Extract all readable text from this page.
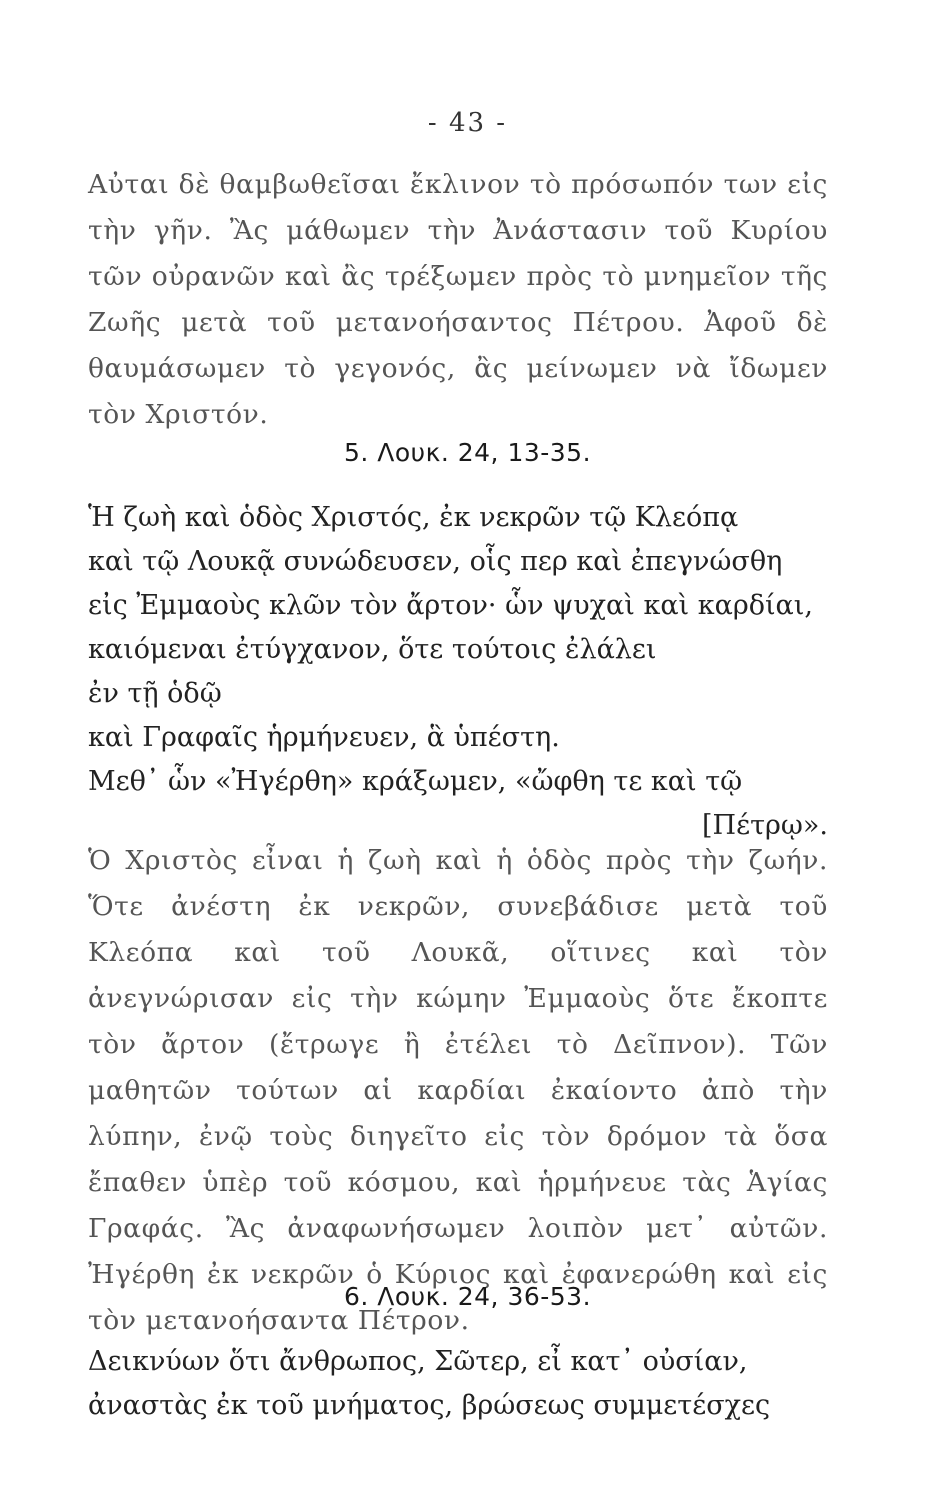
- 43 -
Αὐται δὲ θαμβωθεῖσαι ἔκλινον τὸ πρόσωπόν των εἰς τὴν γῆν. Ἂς μάθωμεν τὴν Ἀνάστασιν τοῦ Κυρίου τῶν οὐρανῶν καὶ ἂς τρέξωμεν πρὸς τὸ μνημεῖον τῆς Ζωῆς μετὰ τοῦ μετανοήσαντος Πέτρου. Ἀφοῦ δὲ θαυμάσωμεν τὸ γεγονός, ἂς μείνωμεν νὰ ἴδωμεν τὸν Χριστόν.
5. Λουκ. 24, 13-35.
Ἡ ζωὴ καὶ ὁδὸς Χριστός, ἐκ νεκρῶν τῷ Κλεόπᾳ
καὶ τῷ Λουκᾷ συνώδευσεν, οἷς περ καὶ ἐπεγνώσθη
εἰς Ἐμμαοὺς κλῶν τὸν ἄρτον· ὧν ψυχαὶ καὶ καρδίαι,
καιόμεναι ἐτύγχανον, ὅτε τούτοις ἐλάλει
ἐν τῇ ὁδῷ
καὶ Γραφαῖς ἡρμήνευεν, ἃ ὑπέστη.
Μεθ᾽ ὧν «Ἠγέρθη» κράξωμεν, «ὤφθη τε καὶ τῷ
[Πέτρῳ».
Ὁ Χριστὸς εἶναι ἡ ζωὴ καὶ ἡ ὁδὸς πρὸς τὴν ζωήν. Ὅτε ἀνέστη ἐκ νεκρῶν, συνεβάδισε μετὰ τοῦ Κλεόπα καὶ τοῦ Λουκᾶ, οἵτινες καὶ τὸν ἀνεγνώρισαν εἰς τὴν κώμην Ἐμμαοὺς ὅτε ἔκοπτε τὸν ἄρτον (ἔτρωγε ἢ ἐτέλει τὸ Δεῖπνον). Τῶν μαθητῶν τούτων αἱ καρδίαι ἐκαίοντο ἀπὸ τὴν λύπην, ἐνῷ τοὺς διηγεῖτο εἰς τὸν δρόμον τὰ ὅσα ἔπαθεν ὑπὲρ τοῦ κόσμου, καὶ ἡρμήνευε τὰς Ἁγίας Γραφάς. Ἂς ἀναφωνήσωμεν λοιπὸν μετ᾽ αὐτῶν. Ἠγέρθη ἐκ νεκρῶν ὁ Κύριος καὶ ἐφανερώθη καὶ εἰς τὸν μετανοήσαντα Πέτρον.
6. Λουκ. 24, 36-53.
Δεικνύων ὅτι ἄνθρωπος, Σῶτερ, εἶ κατ᾽ οὐσίαν,
ἀναστὰς ἐκ τοῦ μνήματος, βρώσεως συμμετέσχες
